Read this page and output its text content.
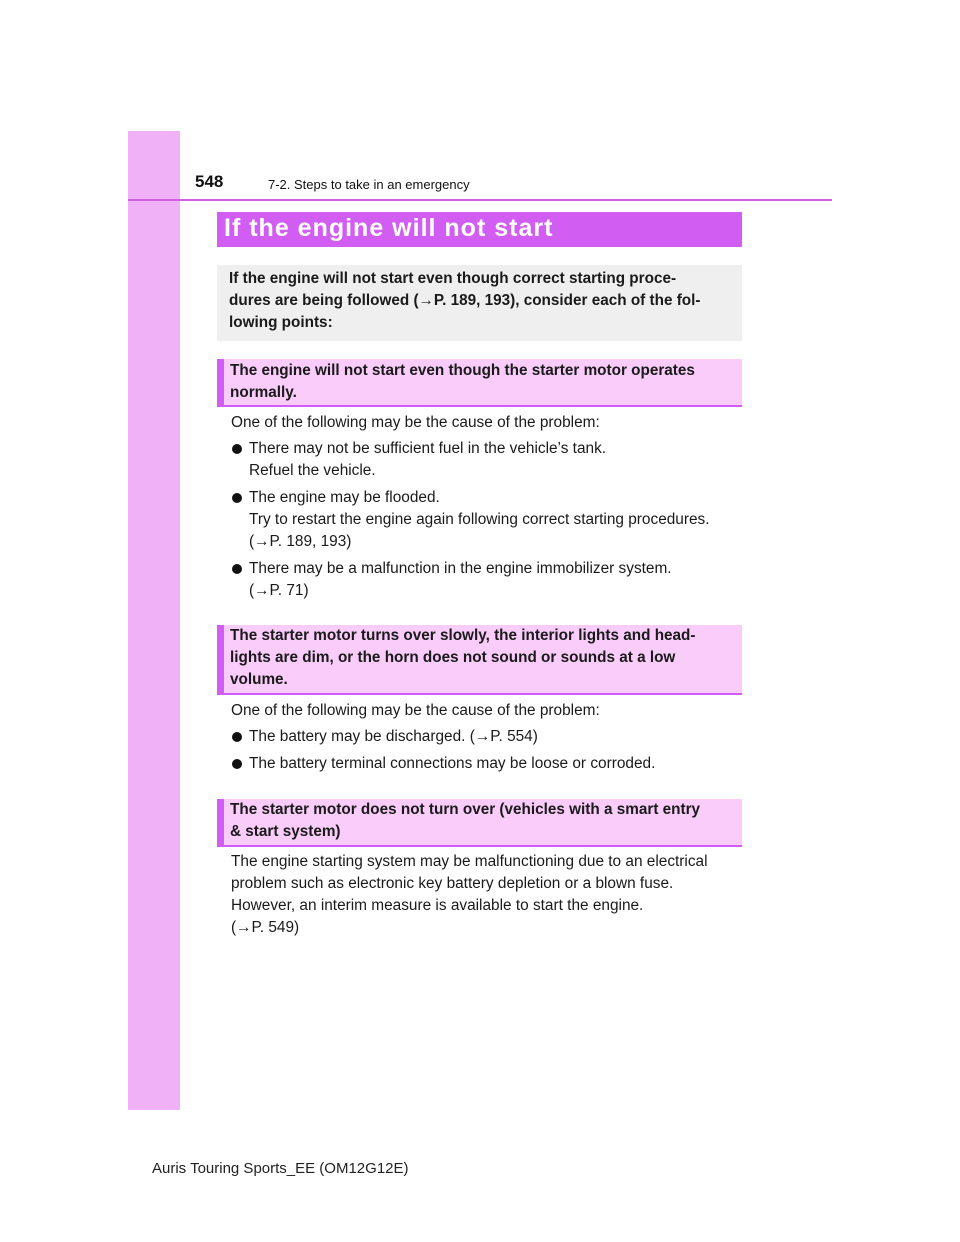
548	7-2. Steps to take in an emergency
If the engine will not start

If the engine will not start even though correct starting proce-
dures are being followed (→P. 189, 193), consider each of the fol-
lowing points:

The engine will not start even though the starter motor operates
normally.

One of the following may be the cause of the problem:

There may not be sufficient fuel in the vehicle’s tank.
Refuel the vehicle.
The engine may be flooded.
Try to restart the engine again following correct starting procedures.
(→P. 189, 193)
There may be a malfunction in the engine immobilizer system.
(→P. 71)

The starter motor turns over slowly, the interior lights and head-
lights are dim, or the horn does not sound or sounds at a low
volume.

One of the following may be the cause of the problem:

The battery may be discharged. (→P. 554)
The battery terminal connections may be loose or corroded.

The starter motor does not turn over (vehicles with a smart entry
& start system)

The engine starting system may be malfunctioning due to an electrical
problem such as electronic key battery depletion or a blown fuse.
However, an interim measure is available to start the engine.
(→P. 549)

Auris Touring Sports_EE (OM12G12E)
